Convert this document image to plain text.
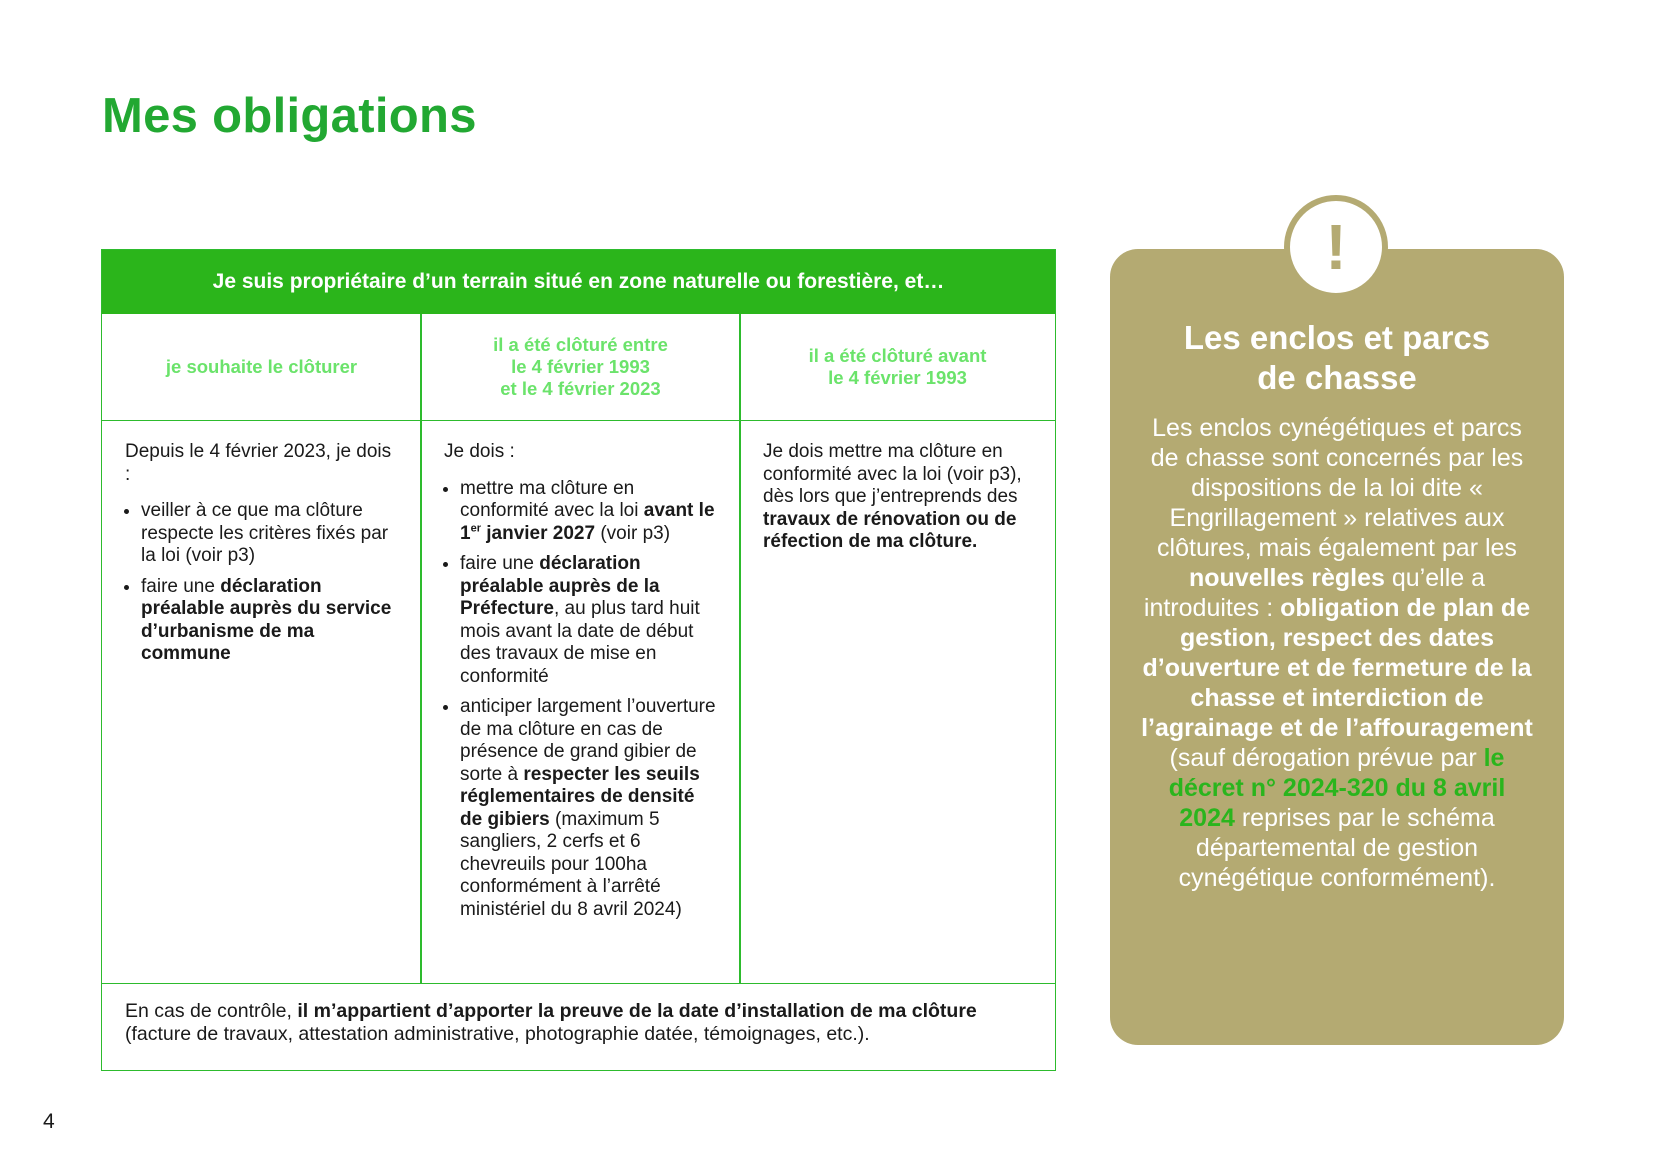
Mes obligations
Je suis propriétaire d’un terrain situé en zone naturelle ou forestière, et…
je souhaite le clôturer
il a été clôturé entre
le 4 février 1993
et le 4 février 2023
il a été clôturé avant
le 4 février 1993

Depuis le 4 février 2023, je dois :

• veiller à ce que ma clôture respecte les critères fixés par la loi (voir p3)
• faire une déclaration préalable auprès du service d’urbanisme de ma commune

Je dois :

• mettre ma clôture en conformité avec la loi avant le 1er janvier 2027 (voir p3)
• faire une déclaration préalable auprès de la Préfecture, au plus tard huit mois avant la date de début des travaux de mise en conformité
• anticiper largement l’ouverture de ma clôture en cas de présence de grand gibier de sorte à respecter les seuils réglementaires de densité de gibiers (maximum 5 sangliers, 2 cerfs et 6 chevreuils pour 100ha conformément à l’arrêté ministériel du 8 avril 2024)

Je dois mettre ma clôture en conformité avec la loi (voir p3), dès lors que j’entreprends des travaux de rénovation ou de réfection de ma clôture.

En cas de contrôle, il m’appartient d’apporter la preuve de la date d’installation de ma clôture (facture de travaux, attestation administrative, photographie datée, témoignages, etc.).
!
Les enclos et parcs
de chasse
Les enclos cynégétiques et parcs de chasse sont concernés par les dispositions de la loi dite « Engrillagement » relatives aux clôtures, mais également par les nouvelles règles qu’elle a introduites : obligation de plan de gestion, respect des dates d’ouverture et de fermeture de la chasse et interdiction de l’agrainage et de l’affouragement (sauf dérogation prévue par le décret n° 2024-320 du 8 avril 2024 reprises par le schéma départemental de gestion cynégétique conformément).
4
